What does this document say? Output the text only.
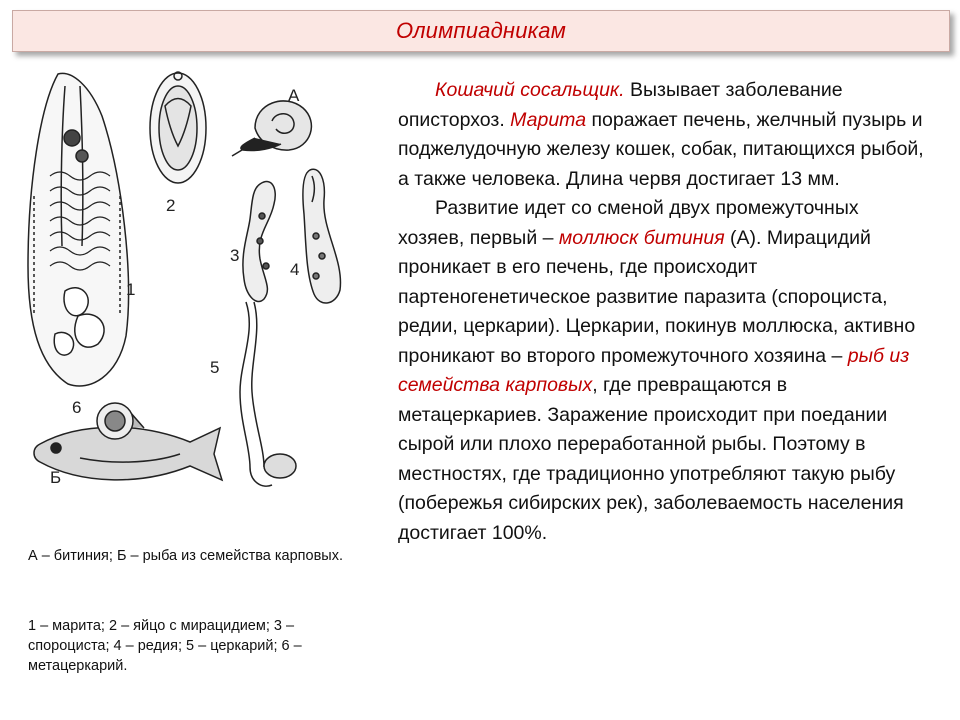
Олимпиадникам
1
2
3
4
5
6
А
Б
А – битиния; Б – рыба из семейства карповых.
1 – марита; 2 – яйцо с мирацидием; 3 – спороциста; 4 – редия; 5 – церкарий; 6 – метацеркарий.

Кошачий сосальщик. Вызывает заболевание описторхоз. Марита поражает печень, желчный пузырь и поджелудочную железу кошек, собак, питающихся рыбой, а также человека. Длина червя достигает 13 мм.

Развитие идет со сменой двух промежуточных хозяев, первый – моллюск битиния (А). Мирацидий проникает в его печень, где происходит партеногенетическое развитие паразита (спороциста, редии, церкарии). Церкарии, покинув моллюска, активно проникают во второго промежуточного хозяина – рыб из семейства карповых, где превращаются в метацеркариев. Заражение происходит при поедании сырой или плохо переработанной рыбы. Поэтому в местностях, где традиционно употребляют такую рыбу (побережья сибирских рек), заболеваемость населения достигает 100%.
